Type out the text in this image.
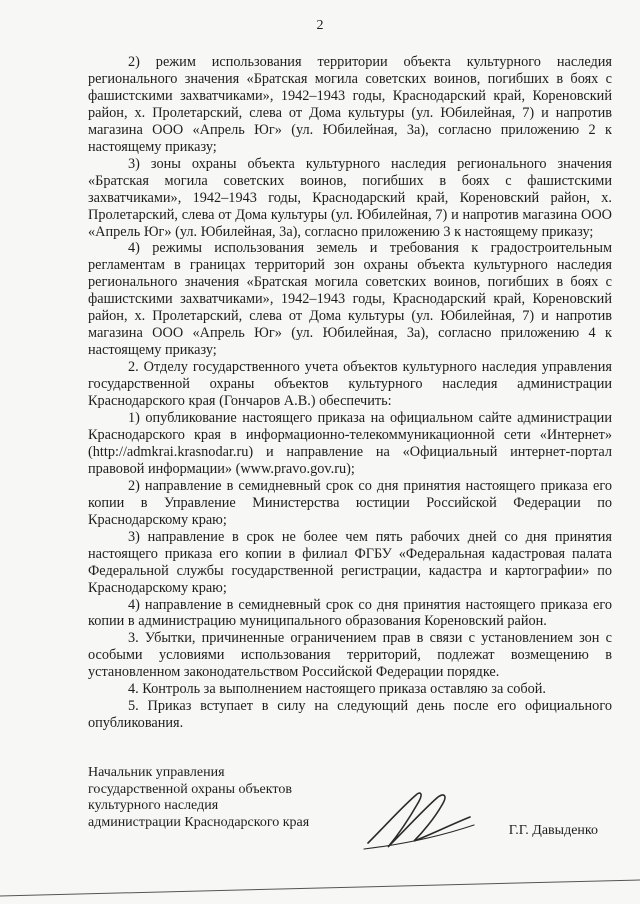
2

2) режим использования территории объекта культурного наследия регионального значения «Братская могила советских воинов, погибших в боях с фашистскими захватчиками», 1942–1943 годы, Краснодарский край, Кореновский район, х. Пролетарский, слева от Дома культуры (ул. Юбилейная, 7) и напротив магазина ООО «Апрель Юг» (ул. Юбилейная, 3а), согласно приложению 2 к настоящему приказу;

3) зоны охраны объекта культурного наследия регионального значения «Братская могила советских воинов, погибших в боях с фашистскими захватчиками», 1942–1943 годы, Краснодарский край, Кореновский район, х. Пролетарский, слева от Дома культуры (ул. Юбилейная, 7) и напротив магазина ООО «Апрель Юг» (ул. Юбилейная, 3а), согласно приложению 3 к настоящему приказу;

4) режимы использования земель и требования к градостроительным регламентам в границах территорий зон охраны объекта культурного наследия регионального значения «Братская могила советских воинов, погибших в боях с фашистскими захватчиками», 1942–1943 годы, Краснодарский край, Кореновский район, х. Пролетарский, слева от Дома культуры (ул. Юбилейная, 7) и напротив магазина ООО «Апрель Юг» (ул. Юбилейная, 3а), согласно приложению 4 к настоящему приказу;

2. Отделу государственного учета объектов культурного наследия управления государственной охраны объектов культурного наследия администрации Краснодарского края (Гончаров А.В.) обеспечить:

1) опубликование настоящего приказа на официальном сайте администрации Краснодарского края в информационно-телекоммуникационной сети «Интернет» (http://admkrai.krasnodar.ru) и направление на «Официальный интернет-портал правовой информации» (www.pravo.gov.ru);

2) направление в семидневный срок со дня принятия настоящего приказа его копии в Управление Министерства юстиции Российской Федерации по Краснодарскому краю;

3) направление в срок не более чем пять рабочих дней со дня принятия настоящего приказа его копии в филиал ФГБУ «Федеральная кадастровая палата Федеральной службы государственной регистрации, кадастра и картографии» по Краснодарскому краю;

4) направление в семидневный срок со дня принятия настоящего приказа его копии в администрацию муниципального образования Кореновский район.

3. Убытки, причиненные ограничением прав в связи с установлением зон с особыми условиями использования территорий, подлежат возмещению в установленном законодательством Российской Федерации порядке.

4. Контроль за выполнением настоящего приказа оставляю за собой.

5. Приказ вступает в силу на следующий день после его официального опубликования.

Начальник управления
государственной охраны объектов
культурного наследия
администрации Краснодарского края
Г.Г. Давыденко
